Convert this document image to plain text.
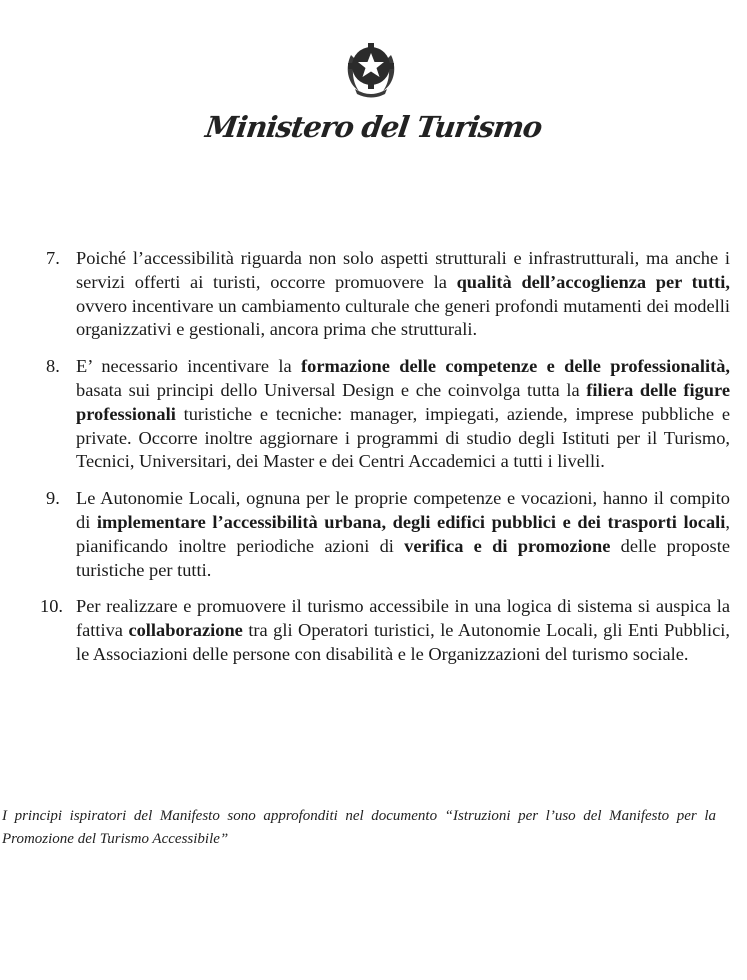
Ministero del Turismo
7. Poiché l’accessibilità riguarda non solo aspetti strutturali e infrastrutturali, ma anche i servizi offerti ai turisti, occorre promuovere la qualità dell’accoglienza per tutti, ovvero incentivare un cambiamento culturale che generi profondi mutamenti dei modelli organizzativi e gestionali, ancora prima che strutturali.
8. E’ necessario incentivare la formazione delle competenze e delle professionalità, basata sui principi dello Universal Design e che coinvolga tutta la filiera delle figure professionali turistiche e tecniche: manager, impiegati, aziende, imprese pubbliche e private. Occorre inoltre aggiornare i programmi di studio degli Istituti per il Turismo, Tecnici, Universitari, dei Master e dei Centri Accademici a tutti i livelli.
9. Le Autonomie Locali, ognuna per le proprie competenze e vocazioni, hanno il compito di implementare l’accessibilità urbana, degli edifici pubblici e dei trasporti locali, pianificando inoltre periodiche azioni di verifica e di promozione delle proposte turistiche per tutti.
10. Per realizzare e promuovere il turismo accessibile in una logica di sistema si auspica la fattiva collaborazione tra gli Operatori turistici, le Autonomie Locali, gli Enti Pubblici, le Associazioni delle persone con disabilità e le Organizzazioni del turismo sociale.
I principi ispiratori del Manifesto sono approfonditi nel documento “Istruzioni per l’uso del Manifesto per la Promozione del Turismo Accessibile”
